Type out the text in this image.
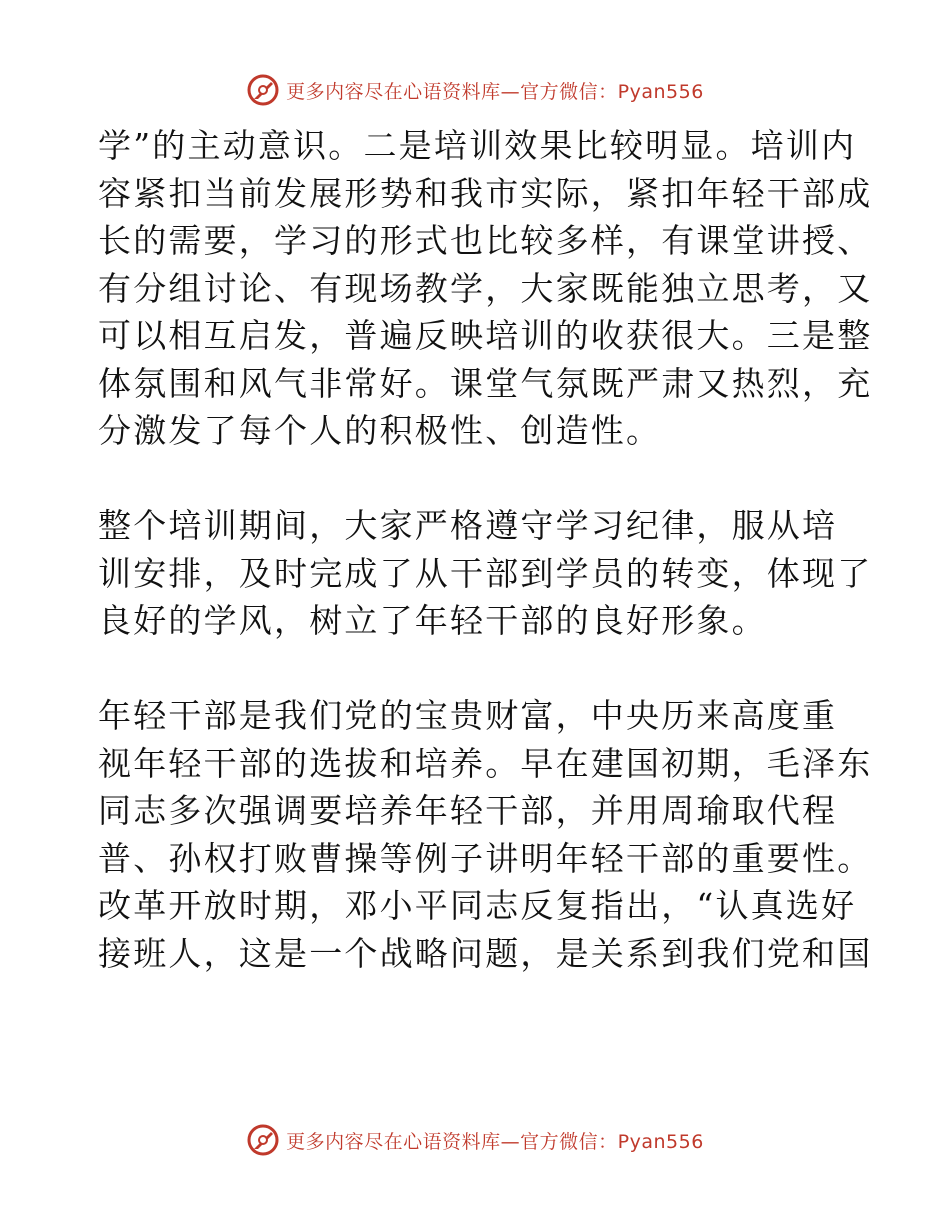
更多内容尽在心语资料库—官方微信：Pyan556
学”的主动意识。二是培训效果比较明显。培训内
容紧扣当前发展形势和我市实际，紧扣年轻干部成
长的需要，学习的形式也比较多样，有课堂讲授、
有分组讨论、有现场教学，大家既能独立思考，又
可以相互启发，普遍反映培训的收获很大。三是整
体氛围和风气非常好。课堂气氛既严肃又热烈，充
分激发了每个人的积极性、创造性。
整个培训期间，大家严格遵守学习纪律，服从培
训安排，及时完成了从干部到学员的转变，体现了
良好的学风，树立了年轻干部的良好形象。
年轻干部是我们党的宝贵财富，中央历来高度重
视年轻干部的选拔和培养。早在建国初期，毛泽东
同志多次强调要培养年轻干部，并用周瑜取代程
普、孙权打败曹操等例子讲明年轻干部的重要性。
改革开放时期，邓小平同志反复指出，“认真选好
接班人，这是一个战略问题，是关系到我们党和国
更多内容尽在心语资料库—官方微信：Pyan556
